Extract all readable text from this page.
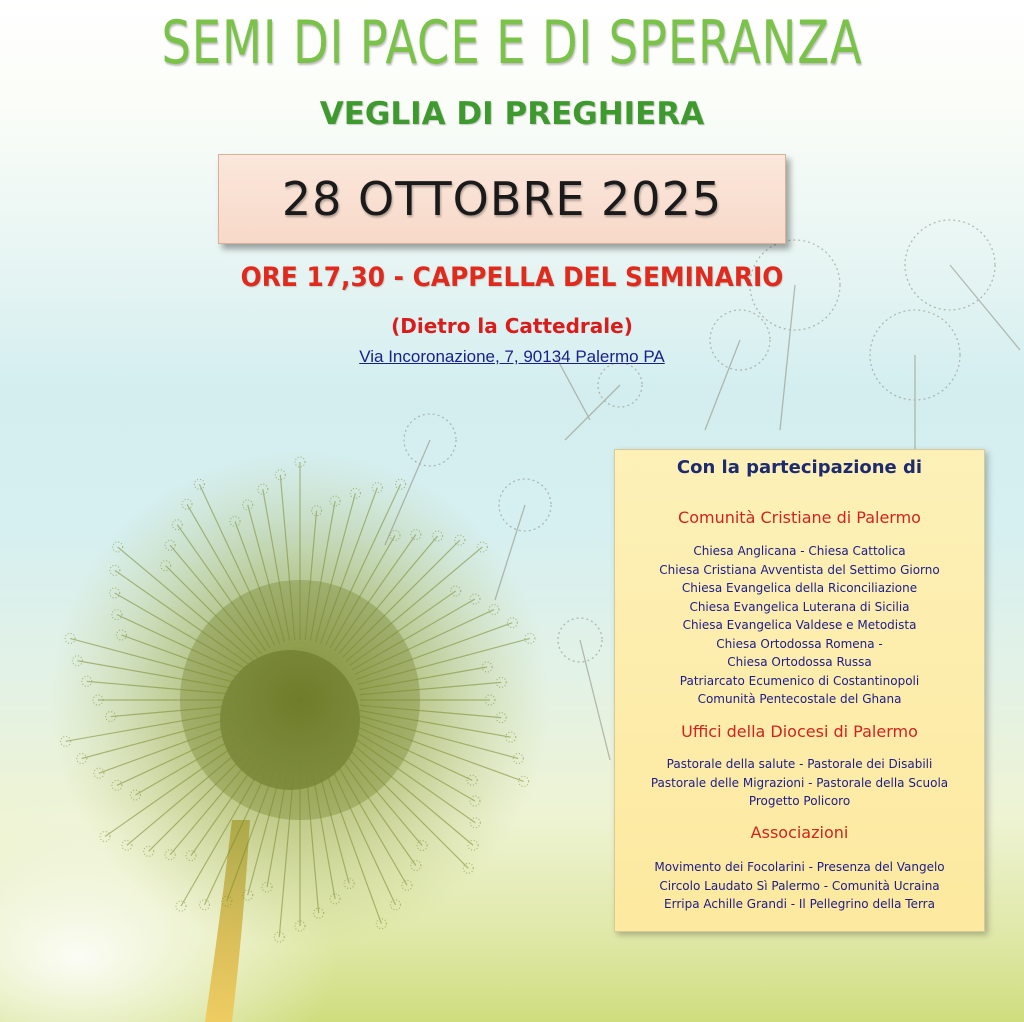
SEMI DI PACE E DI SPERANZA
VEGLIA DI PREGHIERA
28 OTTOBRE 2025

ORE 17,30 - CAPPELLA DEL SEMINARIO

(Dietro la Cattedrale)

Via Incoronazione, 7, 90134 Palermo PA

Con la partecipazione di

Comunità Cristiane di Palermo

Chiesa Anglicana - Chiesa Cattolica
Chiesa Cristiana Avventista del Settimo Giorno
Chiesa Evangelica della Riconciliazione
Chiesa Evangelica Luterana di Sicilia
Chiesa Evangelica Valdese e Metodista
Chiesa Ortodossa Romena -
Chiesa Ortodossa Russa
Patriarcato Ecumenico di Costantinopoli
Comunità Pentecostale del Ghana

Uffici della Diocesi di Palermo

Pastorale della salute - Pastorale dei Disabili
Pastorale delle Migrazioni - Pastorale della Scuola
Progetto Policoro

Associazioni

Movimento dei Focolarini - Presenza del Vangelo
Circolo Laudato Sì Palermo - Comunità Ucraina
Erripa Achille Grandi - Il Pellegrino della Terra
